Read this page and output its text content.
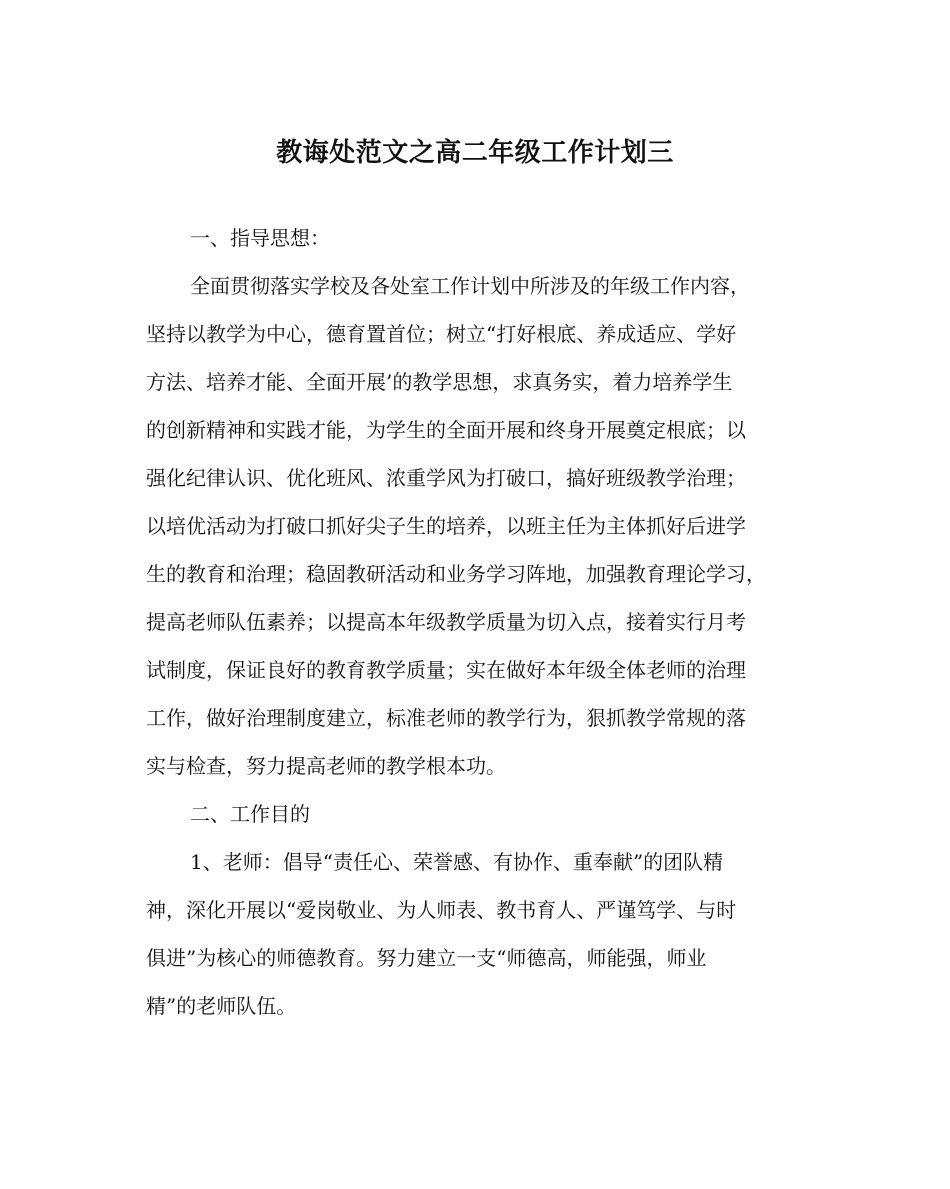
教诲处范文之高二年级工作计划三
一、指导思想：
全面贯彻落实学校及各处室工作计划中所涉及的年级工作内容，
坚持以教学为中心，德育置首位；树立“打好根底、养成适应、学好
方法、培养才能、全面开展’的教学思想，求真务实，着力培养学生
的创新精神和实践才能，为学生的全面开展和终身开展奠定根底；以
强化纪律认识、优化班风、浓重学风为打破口，搞好班级教学治理；
以培优活动为打破口抓好尖子生的培养，以班主任为主体抓好后进学
生的教育和治理；稳固教研活动和业务学习阵地，加强教育理论学习，
提高老师队伍素养；以提高本年级教学质量为切入点，接着实行月考
试制度，保证良好的教育教学质量；实在做好本年级全体老师的治理
工作，做好治理制度建立，标准老师的教学行为，狠抓教学常规的落
实与检查，努力提高老师的教学根本功。
二、工作目的
1、老师：倡导“责任心、荣誉感、有协作、重奉献”的团队精
神，深化开展以“爱岗敬业、为人师表、教书育人、严谨笃学、与时
俱进”为核心的师德教育。努力建立一支“师德高，师能强，师业
精”的老师队伍。
